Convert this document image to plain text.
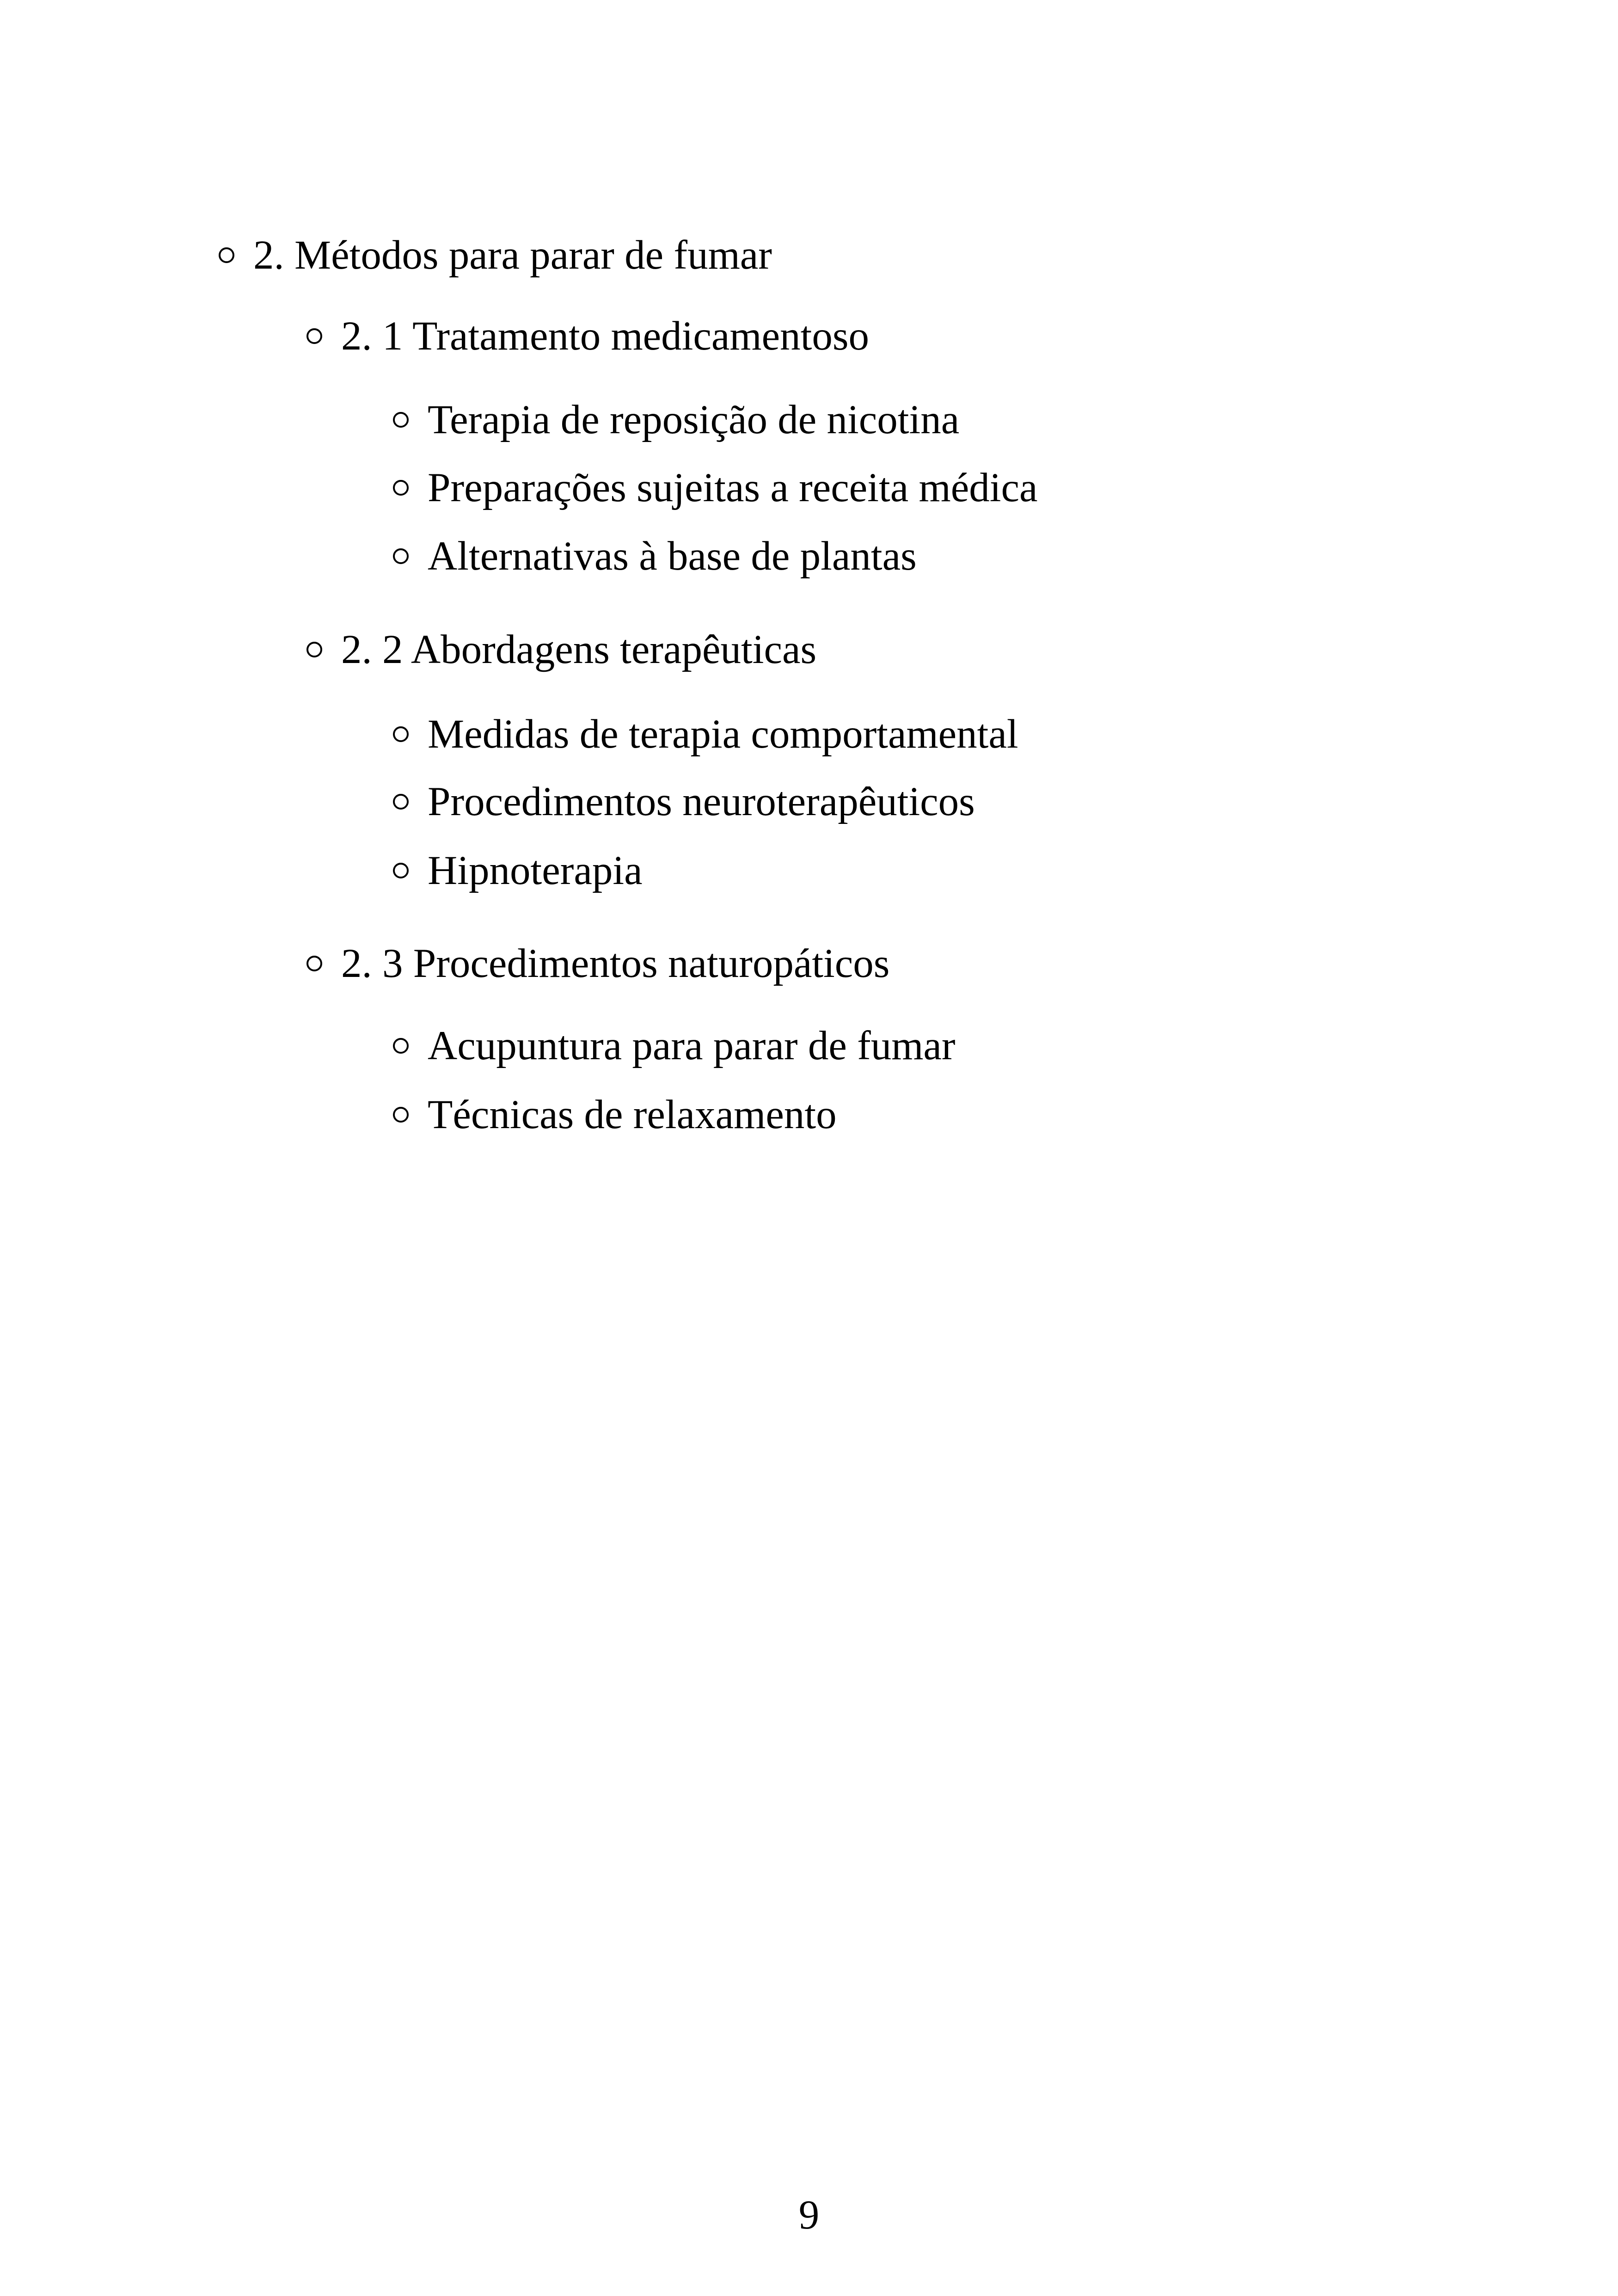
2. Métodos para parar de fumar
2. 1 Tratamento medicamentoso
Terapia de reposição de nicotina
Preparações sujeitas a receita médica
Alternativas à base de plantas
2. 2 Abordagens terapêuticas
Medidas de terapia comportamental
Procedimentos neuroterapêuticos
Hipnoterapia
2. 3 Procedimentos naturopáticos
Acupuntura para parar de fumar
Técnicas de relaxamento
9
